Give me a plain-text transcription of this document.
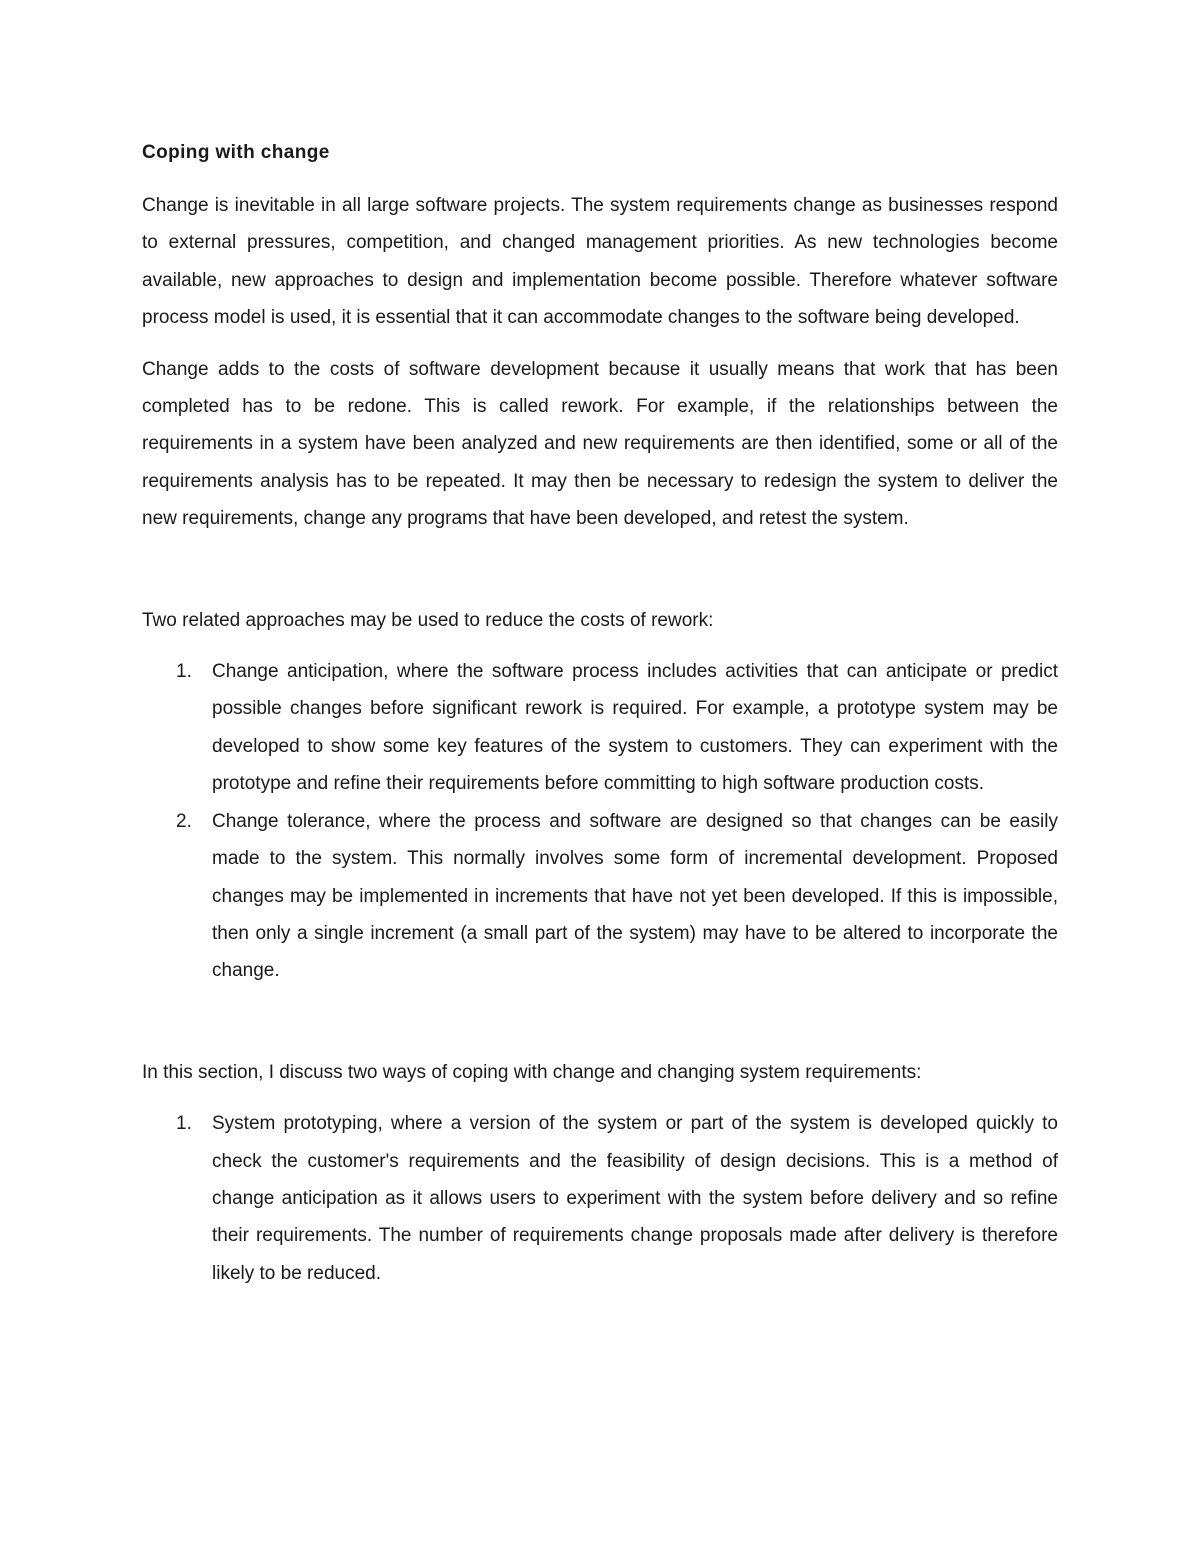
Coping with change

Change is inevitable in all large software projects. The system requirements change as businesses respond to external pressures, competition, and changed management priorities. As new technologies become available, new approaches to design and implementation become possible. Therefore whatever software process model is used, it is essential that it can accommodate changes to the software being developed.

Change adds to the costs of software development because it usually means that work that has been completed has to be redone. This is called rework. For example, if the relationships between the requirements in a system have been analyzed and new requirements are then identified, some or all of the requirements analysis has to be repeated. It may then be necessary to redesign the system to deliver the new requirements, change any programs that have been developed, and retest the system.

Two related approaches may be used to reduce the costs of rework:

1. Change anticipation, where the software process includes activities that can anticipate or predict possible changes before significant rework is required. For example, a prototype system may be developed to show some key features of the system to customers. They can experiment with the prototype and refine their requirements before committing to high software production costs.
2. Change tolerance, where the process and software are designed so that changes can be easily made to the system. This normally involves some form of incremental development. Proposed changes may be implemented in increments that have not yet been developed. If this is impossible, then only a single increment (a small part of the system) may have to be altered to incorporate the change.

In this section, I discuss two ways of coping with change and changing system requirements:

1. System prototyping, where a version of the system or part of the system is developed quickly to check the customer's requirements and the feasibility of design decisions. This is a method of change anticipation as it allows users to experiment with the system before delivery and so refine their requirements. The number of requirements change proposals made after delivery is therefore likely to be reduced.
